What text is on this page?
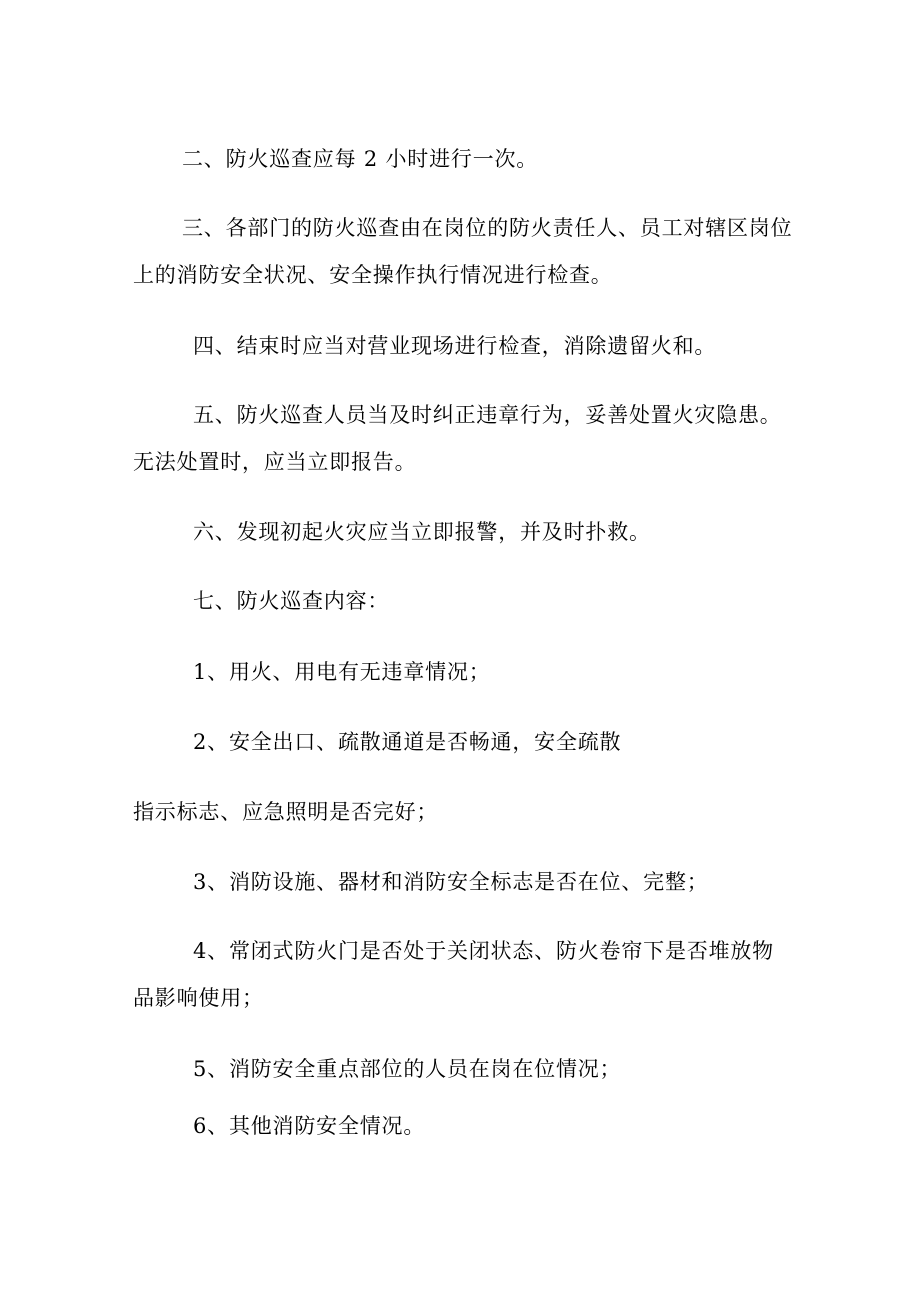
二、防火巡查应每 2 小时进行一次。

三、各部门的防火巡查由在岗位的防火责任人、员工对辖区岗位上的消防安全状况、安全操作执行情况进行检查。

四、结束时应当对营业现场进行检查，消除遗留火和。

五、防火巡查人员当及时纠正违章行为，妥善处置火灾隐患。无法处置时，应当立即报告。

六、发现初起火灾应当立即报警，并及时扑救。

七、防火巡查内容：

1、用火、用电有无违章情况；

2、安全出口、疏散通道是否畅通，安全疏散

指示标志、应急照明是否完好；

3、消防设施、器材和消防安全标志是否在位、完整；

4、常闭式防火门是否处于关闭状态、防火卷帘下是否堆放物品影响使用；

5、消防安全重点部位的人员在岗在位情况；

6、其他消防安全情况。
